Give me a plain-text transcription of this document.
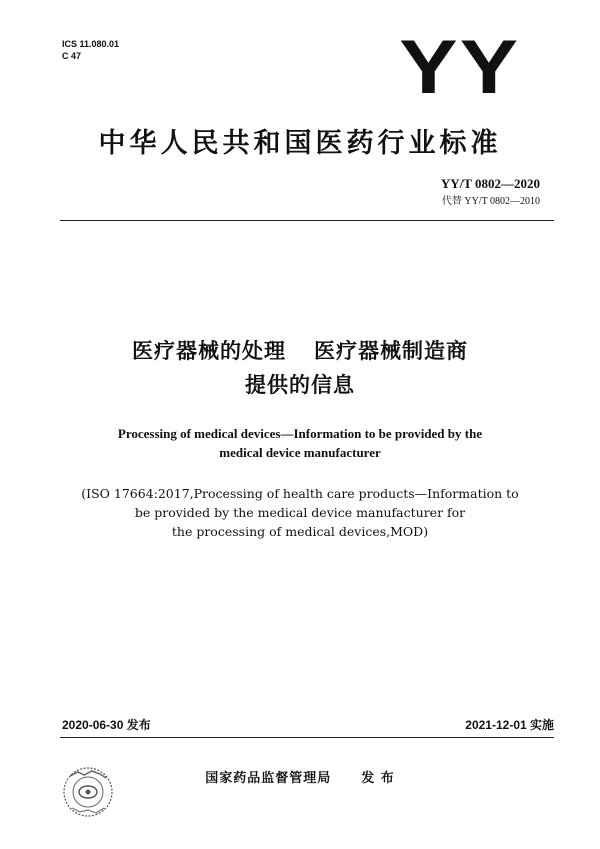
ICS 11.080.01
C 47	YY
中华人民共和国医药行业标准
YY/T 0802—2020
代替 YY/T 0802—2010
医疗器械的处理 医疗器械制造商
提供的信息
Processing of medical devices—Information to be provided by the
medical device manufacturer
(ISO 17664:2017,Processing of health care products—Information to
be provided by the medical device manufacturer for
the processing of medical devices,MOD)
2020-06-30 发布	2021-12-01 实施
国家药品监督管理局 发 布
